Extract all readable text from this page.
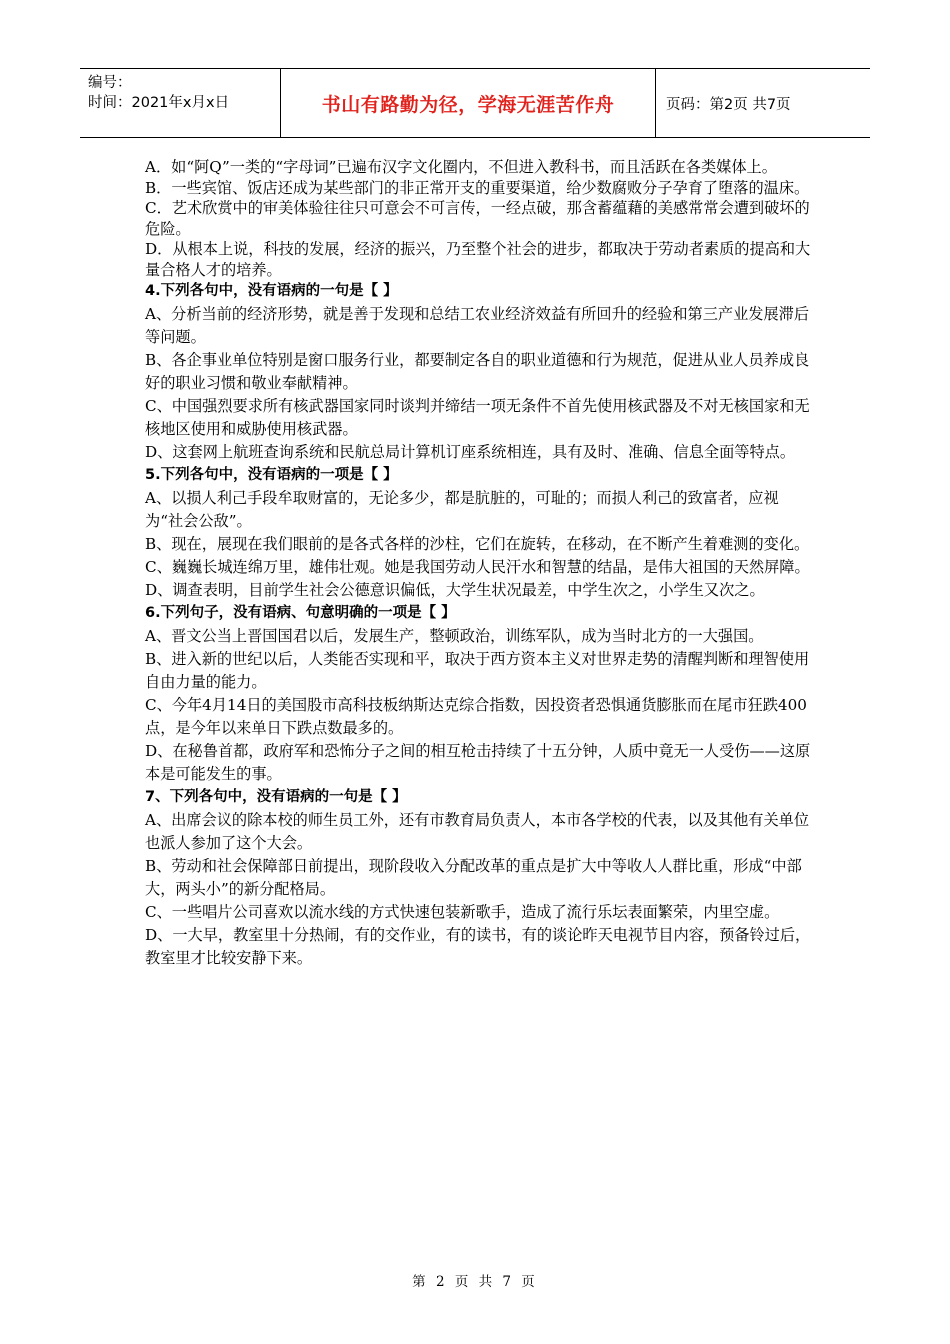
编号：
时间：2021年x月x日	书山有路勤为径，学海无涯苦作舟	页码：第2页 共7页

A．如“阿Q”一类的“字母词”已遍布汉字文化圈内，不但进入教科书，而且活跃在各类媒体上。

B．一些宾馆、饭店还成为某些部门的非正常开支的重要渠道，给少数腐败分子孕育了堕落的温床。

C．艺术欣赏中的审美体验往往只可意会不可言传，一经点破，那含蓄蕴藉的美感常常会遭到破坏的危险。

D．从根本上说，科技的发展，经济的振兴，乃至整个社会的进步，都取决于劳动者素质的提高和大量合格人才的培养。

4.下列各句中，没有语病的一句是【 】

A、分析当前的经济形势，就是善于发现和总结工农业经济效益有所回升的经验和第三产业发展滞后等问题。

B、各企事业单位特别是窗口服务行业，都要制定各自的职业道德和行为规范，促进从业人员养成良好的职业习惯和敬业奉献精神。

C、中国强烈要求所有核武器国家同时谈判并缔结一项无条件不首先使用核武器及不对无核国家和无核地区使用和威胁使用核武器。

D、这套网上航班查询系统和民航总局计算机订座系统相连，具有及时、准确、信息全面等特点。

5.下列各句中，没有语病的一项是【 】

A、以损人利己手段牟取财富的，无论多少，都是肮脏的，可耻的；而损人利己的致富者，应视为“社会公敌”。

B、现在，展现在我们眼前的是各式各样的沙柱，它们在旋转，在移动，在不断产生着难测的变化。

C、巍巍长城连绵万里，雄伟壮观。她是我国劳动人民汗水和智慧的结晶，是伟大祖国的天然屏障。

D、调查表明，目前学生社会公德意识偏低，大学生状况最差，中学生次之，小学生又次之。

6.下列句子，没有语病、句意明确的一项是【 】

A、晋文公当上晋国国君以后，发展生产，整顿政治，训练军队，成为当时北方的一大强国。

B、进入新的世纪以后，人类能否实现和平，取决于西方资本主义对世界走势的清醒判断和理智使用自由力量的能力。

C、今年4月14日的美国股市高科技板纳斯达克综合指数，因投资者恐惧通货膨胀而在尾市狂跌400点，是今年以来单日下跌点数最多的。

D、在秘鲁首都，政府军和恐怖分子之间的相互枪击持续了十五分钟，人质中竟无一人受伤——这原本是可能发生的事。

7、下列各句中，没有语病的一句是【 】

A、出席会议的除本校的师生员工外，还有市教育局负责人，本市各学校的代表，以及其他有关单位也派人参加了这个大会。

B、劳动和社会保障部日前提出，现阶段收入分配改革的重点是扩大中等收人人群比重，形成“中部大，两头小”的新分配格局。

C、一些唱片公司喜欢以流水线的方式快速包装新歌手，造成了流行乐坛表面繁荣，内里空虚。

D、一大早，教室里十分热闹，有的交作业，有的读书，有的谈论昨天电视节目内容，预备铃过后，教室里才比较安静下来。

第 2 页 共 7 页
